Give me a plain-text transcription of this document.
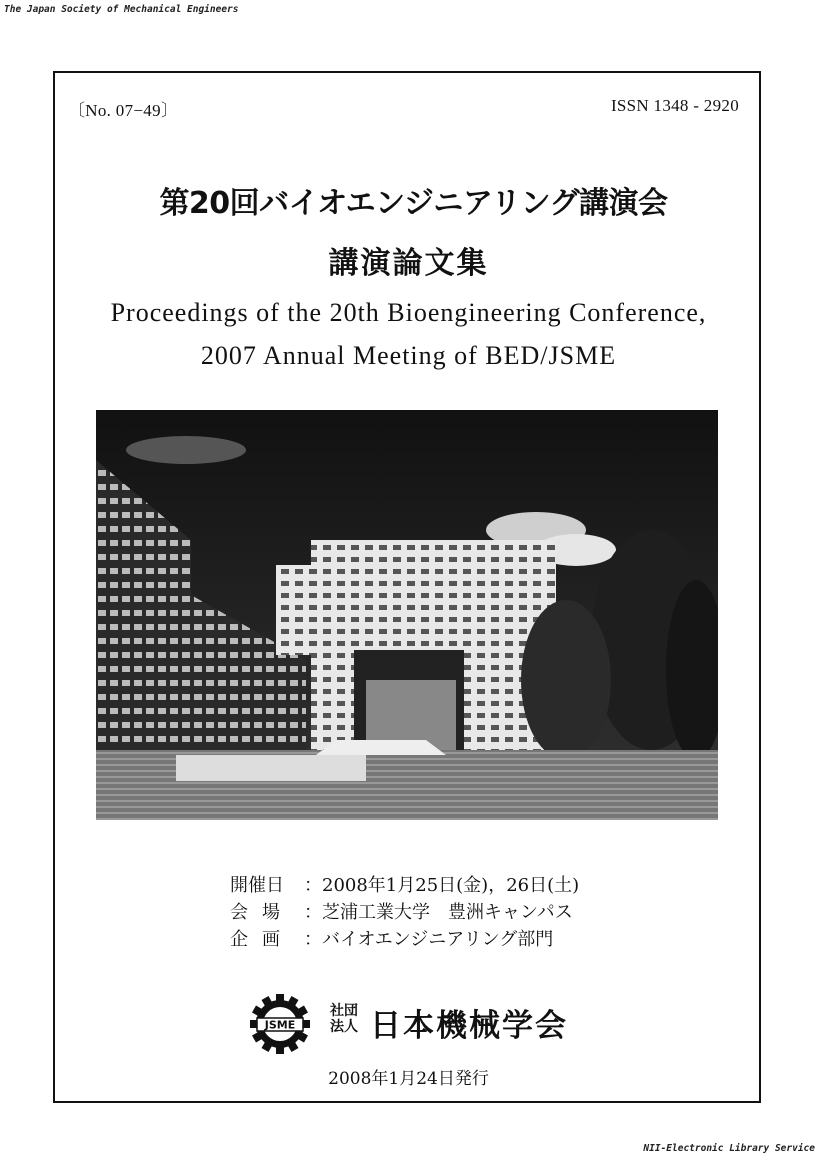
The Japan Society of Mechanical Engineers
〔No. 07−49〕	ISSN 1348 - 2920
第20回バイオエンジニアリング講演会
講演論文集
Proceedings of the 20th Bioengineering Conference,
2007 Annual Meeting of BED/JSME
開催日 ：2008年1月25日(金)，26日(土)
会場 ：芝浦工業大学　豊洲キャンパス
企画 ：バイオエンジニアリング部門
JSME
社団
法人 日本機械学会
2008年1月24日発行
NII-Electronic Library Service
